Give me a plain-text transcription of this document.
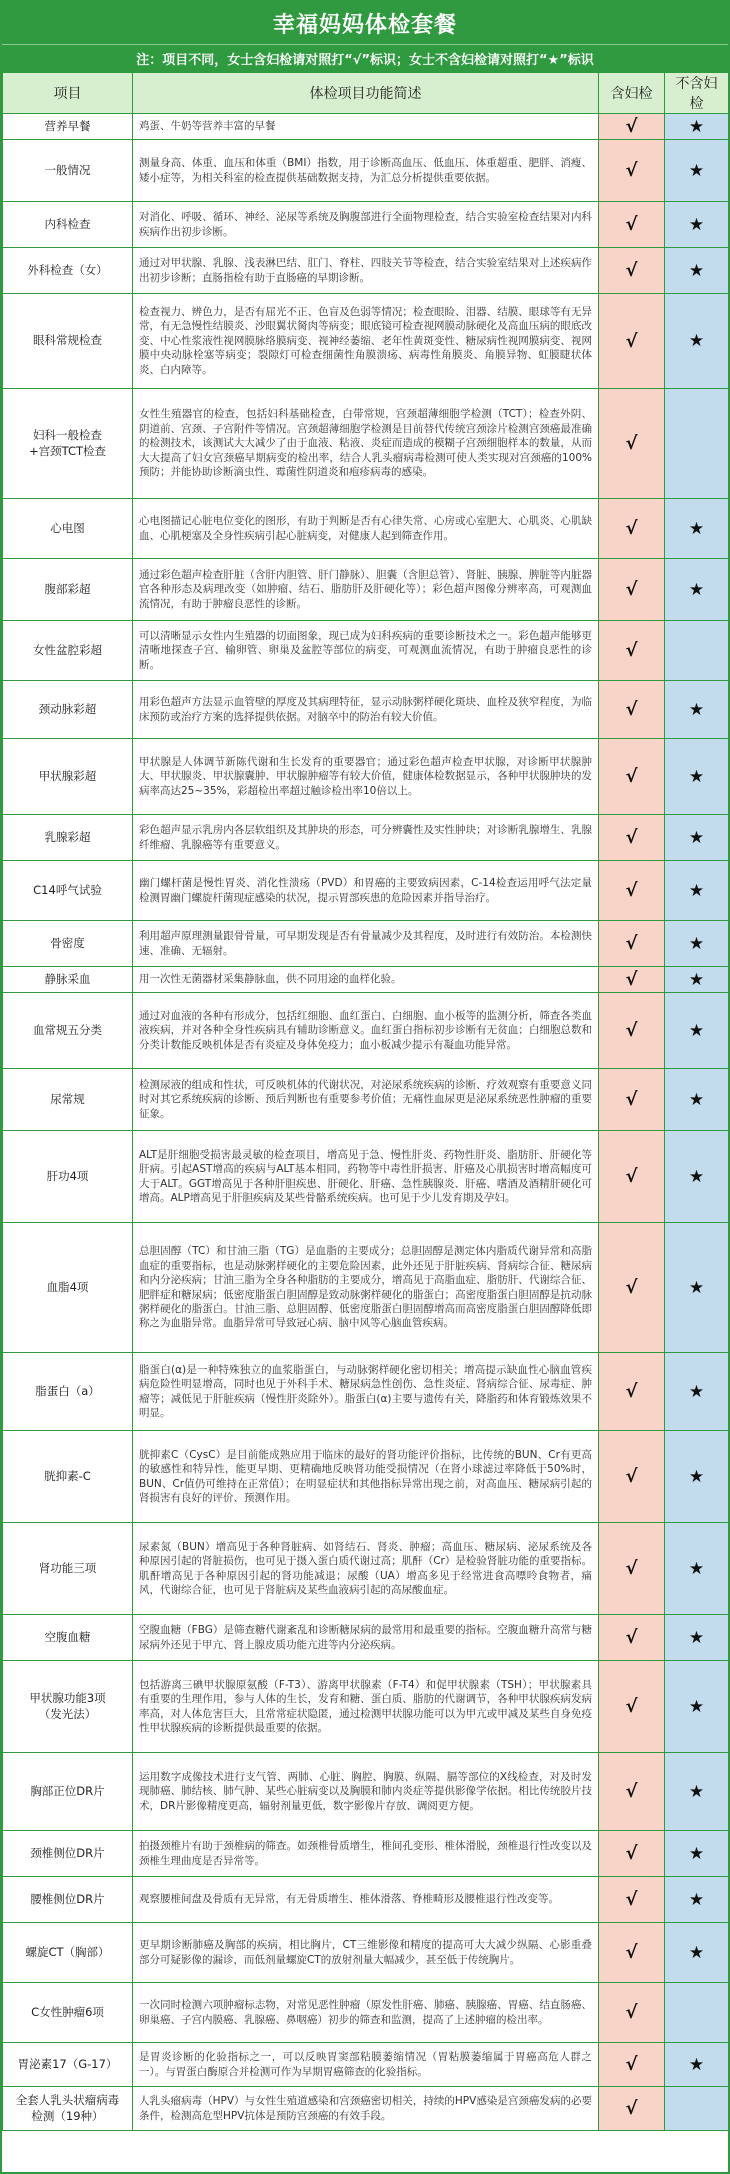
幸福妈妈体检套餐
注：项目不同，女士含妇检请对照打“√”标识；女士不含妇检请对照打“★”标识
项目	体检项目功能简述	含妇检	不含妇检
营养早餐	鸡蛋、牛奶等营养丰富的早餐	√	★
一般情况	测量身高、体重、血压和体重（BMI）指数，用于诊断高血压、低血压、体重超重、肥胖、消瘦、矮小症等，为相关科室的检查提供基础数据支持，为汇总分析提供重要依据。	√	★
内科检查	对消化、呼吸、循环、神经、泌尿等系统及胸腹部进行全面物理检查，结合实验室检查结果对内科疾病作出初步诊断。	√	★
外科检查（女）	通过对甲状腺、乳腺、浅表淋巴结、肛门、脊柱、四肢关节等检查，结合实验室结果对上述疾病作出初步诊断；直肠指检有助于直肠癌的早期诊断。	√	★
眼科常规检查	检查视力、辨色力，是否有屈光不正、色盲及色弱等情况；检查眼睑、泪器、结膜、眼球等有无异常，有无急慢性结膜炎、沙眼翼状胬肉等病变；眼底镜可检查视网膜动脉硬化及高血压病的眼底改变、中心性浆液性视网膜脉络膜病变、视神经萎缩、老年性黄斑变性、糖尿病性视网膜病变、视网膜中央动脉栓塞等病变；裂隙灯可检查细菌性角膜溃疡、病毒性角膜炎、角膜异物、虹膜睫状体炎、白内障等。	√	★
妇科一般检查
+宫颈TCT检查	女性生殖器官的检查，包括妇科基础检查，白带常规，宫颈超薄细胞学检测（TCT）；检查外阴、阴道前、宫颈、子宫附件等情况。宫颈超薄细胞学检测是目前替代传统宫颈涂片检测宫颈癌最准确的检测技术，该测试大大减少了由于血液、粘液、炎症而造成的模糊子宫颈细胞样本的数量，从而大大提高了妇女宫颈癌早期病变的检出率，结合人乳头瘤病毒检测可使人类实现对宫颈癌的100%预防；并能协助诊断滴虫性、霉菌性阴道炎和疱疹病毒的感染。	√	
心电图	心电图描记心脏电位变化的图形，有助于判断是否有心律失常、心房或心室肥大、心肌炎、心肌缺血、心肌梗塞及全身性疾病引起心脏病变，对健康人起到筛查作用。	√	★
腹部彩超	通过彩色超声检查肝脏（含肝内胆管、肝门静脉）、胆囊（含胆总管）、肾脏、胰腺、脾脏等内脏器官各种形态及病理改变（如肿瘤、结石、脂肪肝及肝硬化等）；彩色超声图像分辨率高，可观测血流情况，有助于肿瘤良恶性的诊断。	√	★
女性盆腔彩超	可以清晰显示女性内生殖器的切面图象，现已成为妇科疾病的重要诊断技术之一。彩色超声能够更清晰地探查子宫、输卵管、卵巢及盆腔等部位的病变，可观测血流情况，有助于肿瘤良恶性的诊断。	√	
颈动脉彩超	用彩色超声方法显示血管壁的厚度及其病理特征，显示动脉粥样硬化斑块、血栓及狭窄程度，为临床预防或治疗方案的选择提供依据。对脑卒中的防治有较大价值。	√	★
甲状腺彩超	甲状腺是人体调节新陈代谢和生长发育的重要器官；通过彩色超声检查甲状腺，对诊断甲状腺肿大、甲状腺炎、甲状腺囊肿、甲状腺肿瘤等有较大价值，健康体检数据显示，各种甲状腺肿块的发病率高达25~35%，彩超检出率超过触诊检出率10倍以上。	√	★
乳腺彩超	彩色超声显示乳房内各层软组织及其肿块的形态，可分辨囊性及实性肿块；对诊断乳腺增生、乳腺纤维瘤、乳腺癌等有重要意义。	√	★
C14呼气试验	幽门螺杆菌是慢性胃炎、消化性溃疡（PVD）和胃癌的主要致病因素，C-14检查运用呼气法定量检测胃幽门螺旋杆菌现症感染的状况，提示胃部疾患的危险因素并指导治疗。	√	★
骨密度	利用超声原理测量跟骨骨量，可早期发现是否有骨量减少及其程度，及时进行有效防治。本检测快速、准确、无辐射。	√	★
静脉采血	用一次性无菌器材采集静脉血，供不同用途的血样化验。	√	★
血常规五分类	通过对血液的各种有形成分，包括红细胞、血红蛋白、白细胞、血小板等的监测分析，筛查各类血液疾病，并对各种全身性疾病具有辅助诊断意义。血红蛋白指标初步诊断有无贫血；白细胞总数和分类计数能反映机体是否有炎症及身体免疫力；血小板减少提示有凝血功能异常。	√	★
尿常规	检测尿液的组成和性状，可反映机体的代谢状况，对泌尿系统疾病的诊断、疗效观察有重要意义同时对其它系统疾病的诊断、预后判断也有重要参考价值；无痛性血尿更是泌尿系统恶性肿瘤的重要征象。	√	★
肝功4项	ALT是肝细胞受损害最灵敏的检查项目，增高见于急、慢性肝炎、药物性肝炎、脂肪肝、肝硬化等肝病。引起AST增高的疾病与ALT基本相同，药物等中毒性肝损害、肝癌及心肌损害时增高幅度可大于ALT。GGT增高见于各种肝胆疾患、肝硬化、肝癌、急性胰腺炎、肝癌、嗜酒及酒精肝硬化可增高。ALP增高见于肝胆疾病及某些骨骼系统疾病。也可见于少儿发育期及孕妇。	√	★
血脂4项	总胆固醇（TC）和甘油三脂（TG）是血脂的主要成分；总胆固醇是测定体内脂质代谢异常和高脂血症的重要指标，也是动脉粥样硬化的主要危险因素，此外还见于肝脏疾病、肾病综合征、糖尿病和内分泌疾病；甘油三脂为全身各种脂肪的主要成分，增高见于高脂血症、脂肪肝、代谢综合征、肥胖症和糖尿病；低密度脂蛋白胆固醇是致动脉粥样硬化的脂蛋白；高密度脂蛋白胆固醇是抗动脉粥样硬化的脂蛋白。甘油三脂、总胆固醇、低密度脂蛋白胆固醇增高而高密度脂蛋白胆固醇降低即称之为血脂异常。血脂异常可导致冠心病、脑中风等心脑血管疾病。	√	★
脂蛋白（a）	脂蛋白(α)是一种特殊独立的血浆脂蛋白，与动脉粥样硬化密切相关；增高提示缺血性心脑血管疾病危险性明显增高，同时也见于外科手术、糖尿病急性创伤、急性炎症、肾病综合征、尿毒症、肿瘤等；减低见于肝脏疾病（慢性肝炎除外）。脂蛋白(α)主要与遗传有关，降脂药和体育锻炼效果不明显。	√	★
胱抑素-C	胱抑素C（CysC）是目前能成熟应用于临床的最好的肾功能评价指标，比传统的BUN、Cr有更高的敏感性和特异性，能更早期、更精确地反映肾功能受损情况（在肾小球滤过率降低于50%时，BUN、Cr值仍可维持在正常值）；在明显症状和其他指标异常出现之前，对高血压、糖尿病引起的肾损害有良好的评价、预测作用。	√	★
肾功能三项	尿素氮（BUN）增高见于各种肾脏病、如肾结石、肾炎、肿瘤；高血压、糖尿病、泌尿系统及各种原因引起的肾脏损伤，也可见于摄入蛋白质代谢过高；肌酐（Cr）是检验肾脏功能的重要指标。肌酐增高见于各种原因引起的肾功能减退；尿酸（UA）增高多见于经常进食高嘌呤食物者，痛风，代谢综合征，也可见于肾脏病及某些血液病引起的高尿酸血症。	√	★
空腹血糖	空腹血糖（FBG）是筛查糖代谢紊乱和诊断糖尿病的最常用和最重要的指标。空腹血糖升高常与糖尿病外还见于甲亢、肾上腺皮质功能亢进等内分泌疾病。	√	★
甲状腺功能3项
（发光法）	包括游离三碘甲状腺原氨酸（F-T3）、游离甲状腺素（F-T4）和促甲状腺素（TSH）；甲状腺素具有重要的生理作用，参与人体的生长，发育和糖、蛋白质、脂肪的代谢调节，各种甲状腺疾病发病率高，对人体危害巨大，且常常症状隐匿，通过检测甲状腺功能可以为甲亢或甲减及某些自身免疫性甲状腺疾病的诊断提供最重要的依据。	√	★
胸部正位DR片	运用数字成像技术进行支气管、两肺、心脏、胸腔、胸膜、纵隔、膈等部位的X线检查，对及时发现肺癌、肺结核、肺气肿、某些心脏病变以及胸膜和肺内炎症等提供影像学依据。相比传统胶片技术，DR片影像精度更高，辐射剂量更低，数字影像片存放、调阅更方便。	√	★
颈椎侧位DR片	拍摄颈椎片有助于颈椎病的筛查。如颈椎骨质增生，椎间孔变形、椎体滑脱，颈椎退行性改变以及颈椎生理曲度是否异常等。	√	★
腰椎侧位DR片	观察腰椎间盘及骨质有无异常，有无骨质增生、椎体滑落、脊椎畸形及腰椎退行性改变等。	√	★
螺旋CT（胸部）	更早期诊断肺癌及胸部的疾病，相比胸片，CT三维影像和精度的提高可大大减少纵隔、心影重叠部分可疑影像的漏诊，而低剂量螺旋CT的放射剂量大幅减少，甚至低于传统胸片。	√	★
C女性肿瘤6项	一次同时检测六项肿瘤标志物，对常见恶性肿瘤（原发性肝癌、肺癌、胰腺癌、胃癌、结直肠癌、卵巢癌、子宫内膜癌、乳腺癌、鼻咽癌）初步的筛查和监测，提高了上述肿瘤的检出率。	√	
胃泌素17（G-17）	是胃炎诊断的化验指标之一，可以反映胃窦部粘膜萎缩情况（胃粘膜萎缩属于胃癌高危人群之一）。与胃蛋白酶原合并检测可作为早期胃癌筛查的化验指标。	√	★
全套人乳头状瘤病毒
检测（19种）	人乳头瘤病毒（HPV）与女性生殖道感染和宫颈癌密切相关，持续的HPV感染是宫颈癌发病的必要条件，检测高危型HPV抗体是预防宫颈癌的有效手段。	√	
